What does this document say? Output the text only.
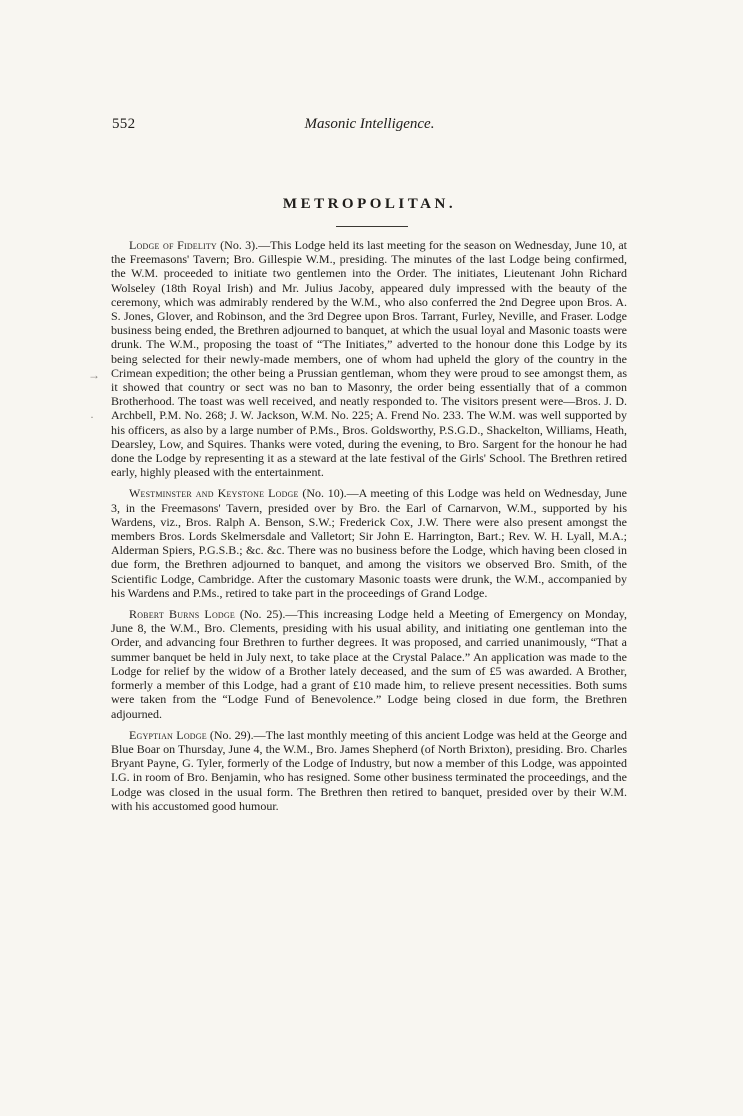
552	Masonic Intelligence.
METROPOLITAN.

Lodge of Fidelity (No. 3).—This Lodge held its last meeting for the season on Wednesday, June 10, at the Freemasons' Tavern; Bro. Gillespie W.M., presiding. The minutes of the last Lodge being confirmed, the W.M. proceeded to initiate two gentlemen into the Order. The initiates, Lieutenant John Richard Wolseley (18th Royal Irish) and Mr. Julius Jacoby, appeared duly impressed with the beauty of the ceremony, which was admirably rendered by the W.M., who also conferred the 2nd Degree upon Bros. A. S. Jones, Glover, and Robinson, and the 3rd Degree upon Bros. Tarrant, Furley, Neville, and Fraser. Lodge business being ended, the Brethren adjourned to banquet, at which the usual loyal and Masonic toasts were drunk. The W.M., proposing the toast of “The Initiates,” adverted to the honour done this Lodge by its being selected for their newly-made members, one of whom had upheld the glory of the country in the Crimean expedition; the other being a Prussian gentleman, whom they were proud to see amongst them, as it showed that country or sect was no ban to Masonry, the order being essentially that of a common Brotherhood. The toast was well received, and neatly responded to. The visitors present were—Bros. J. D. Archbell, P.M. No. 268; J. W. Jackson, W.M. No. 225; A. Frend No. 233. The W.M. was well supported by his officers, as also by a large number of P.Ms., Bros. Goldsworthy, P.S.G.D., Shackelton, Williams, Heath, Dearsley, Low, and Squires. Thanks were voted, during the evening, to Bro. Sargent for the honour he had done the Lodge by representing it as a steward at the late festival of the Girls' School. The Brethren retired early, highly pleased with the entertainment.

Westminster and Keystone Lodge (No. 10).—A meeting of this Lodge was held on Wednesday, June 3, in the Freemasons' Tavern, presided over by Bro. the Earl of Carnarvon, W.M., supported by his Wardens, viz., Bros. Ralph A. Benson, S.W.; Frederick Cox, J.W. There were also present amongst the members Bros. Lords Skelmersdale and Valletort; Sir John E. Harrington, Bart.; Rev. W. H. Lyall, M.A.; Alderman Spiers, P.G.S.B.; &c. &c. There was no business before the Lodge, which having been closed in due form, the Brethren adjourned to banquet, and among the visitors we observed Bro. Smith, of the Scientific Lodge, Cambridge. After the customary Masonic toasts were drunk, the W.M., accompanied by his Wardens and P.Ms., retired to take part in the proceedings of Grand Lodge.

Robert Burns Lodge (No. 25).—This increasing Lodge held a Meeting of Emergency on Monday, June 8, the W.M., Bro. Clements, presiding with his usual ability, and initiating one gentleman into the Order, and advancing four Brethren to further degrees. It was proposed, and carried unanimously, “That a summer banquet be held in July next, to take place at the Crystal Palace.” An application was made to the Lodge for relief by the widow of a Brother lately deceased, and the sum of £5 was awarded. A Brother, formerly a member of this Lodge, had a grant of £10 made him, to relieve present necessities. Both sums were taken from the “Lodge Fund of Benevolence.” Lodge being closed in due form, the Brethren adjourned.

Egyptian Lodge (No. 29).—The last monthly meeting of this ancient Lodge was held at the George and Blue Boar on Thursday, June 4, the W.M., Bro. James Shepherd (of North Brixton), presiding. Bro. Charles Bryant Payne, G. Tyler, formerly of the Lodge of Industry, but now a member of this Lodge, was appointed I.G. in room of Bro. Benjamin, who has resigned. Some other business terminated the proceedings, and the Lodge was closed in the usual form. The Brethren then retired to banquet, presided over by their W.M. with his accustomed good humour.

→
·
